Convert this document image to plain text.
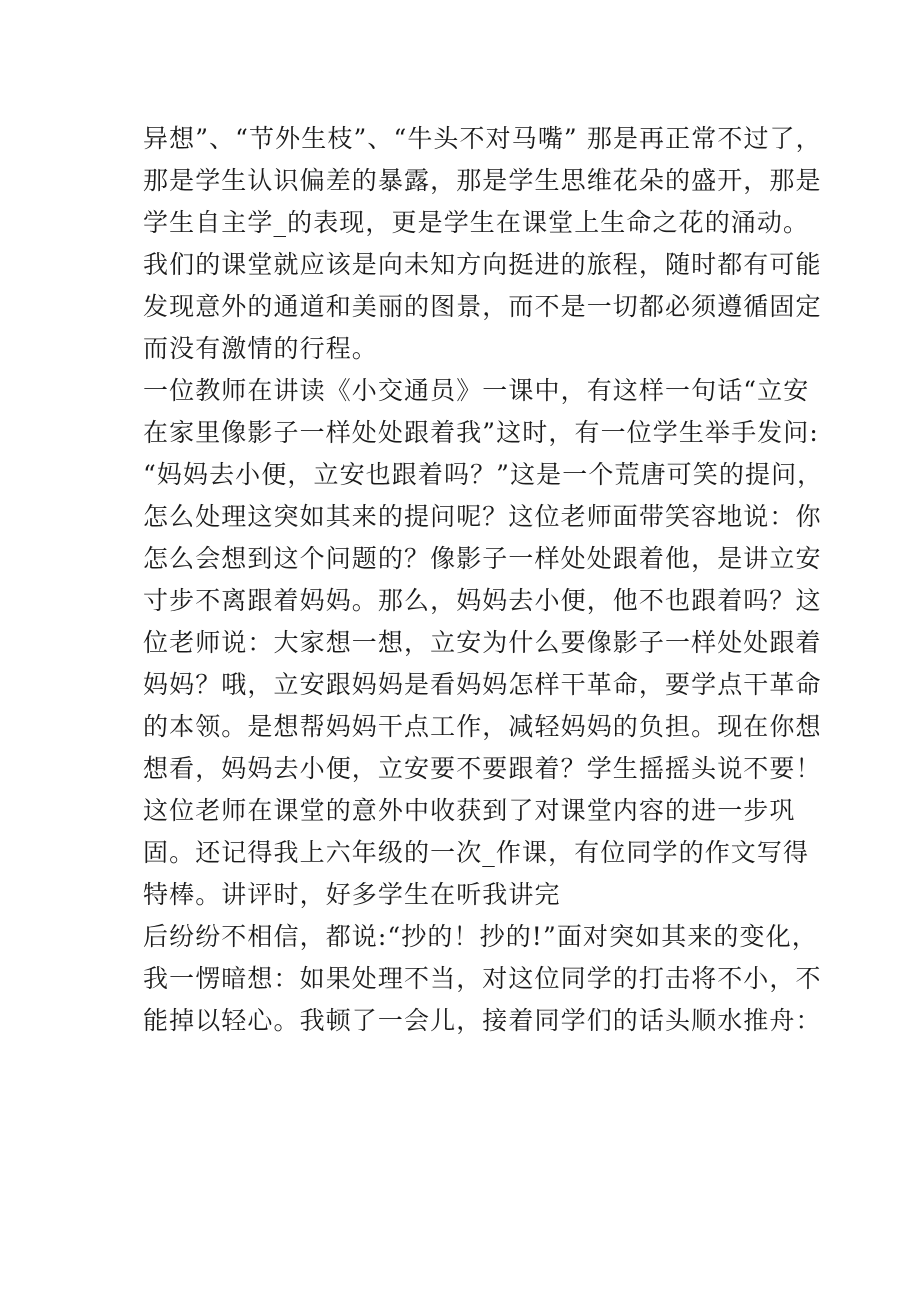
异想”、“节外生枝”、“牛头不对马嘴” 那是再正常不过了，
那是学生认识偏差的暴露，那是学生思维花朵的盛开，那是
学生自主学_的表现，更是学生在课堂上生命之花的涌动。
我们的课堂就应该是向未知方向挺进的旅程，随时都有可能
发现意外的通道和美丽的图景，而不是一切都必须遵循固定
而没有激情的行程。
一位教师在讲读《小交通员》一课中，有这样一句话“立安
在家里像影子一样处处跟着我”这时，有一位学生举手发问:
“妈妈去小便，立安也跟着吗？”这是一个荒唐可笑的提问，
怎么处理这突如其来的提问呢？这位老师面带笑容地说：你
怎么会想到这个问题的？像影子一样处处跟着他，是讲立安
寸步不离跟着妈妈。那么，妈妈去小便，他不也跟着吗？这
位老师说：大家想一想，立安为什么要像影子一样处处跟着
妈妈？哦，立安跟妈妈是看妈妈怎样干革命，要学点干革命
的本领。是想帮妈妈干点工作，减轻妈妈的负担。现在你想
想看，妈妈去小便，立安要不要跟着？学生摇摇头说不要！
这位老师在课堂的意外中收获到了对课堂内容的进一步巩
固。还记得我上六年级的一次_作课，有位同学的作文写得
特棒。讲评时，好多学生在听我讲完
后纷纷不相信，都说:“抄的！抄的!”面对突如其来的变化，
我一愣暗想：如果处理不当，对这位同学的打击将不小，不
能掉以轻心。我顿了一会儿，接着同学们的话头顺水推舟：
